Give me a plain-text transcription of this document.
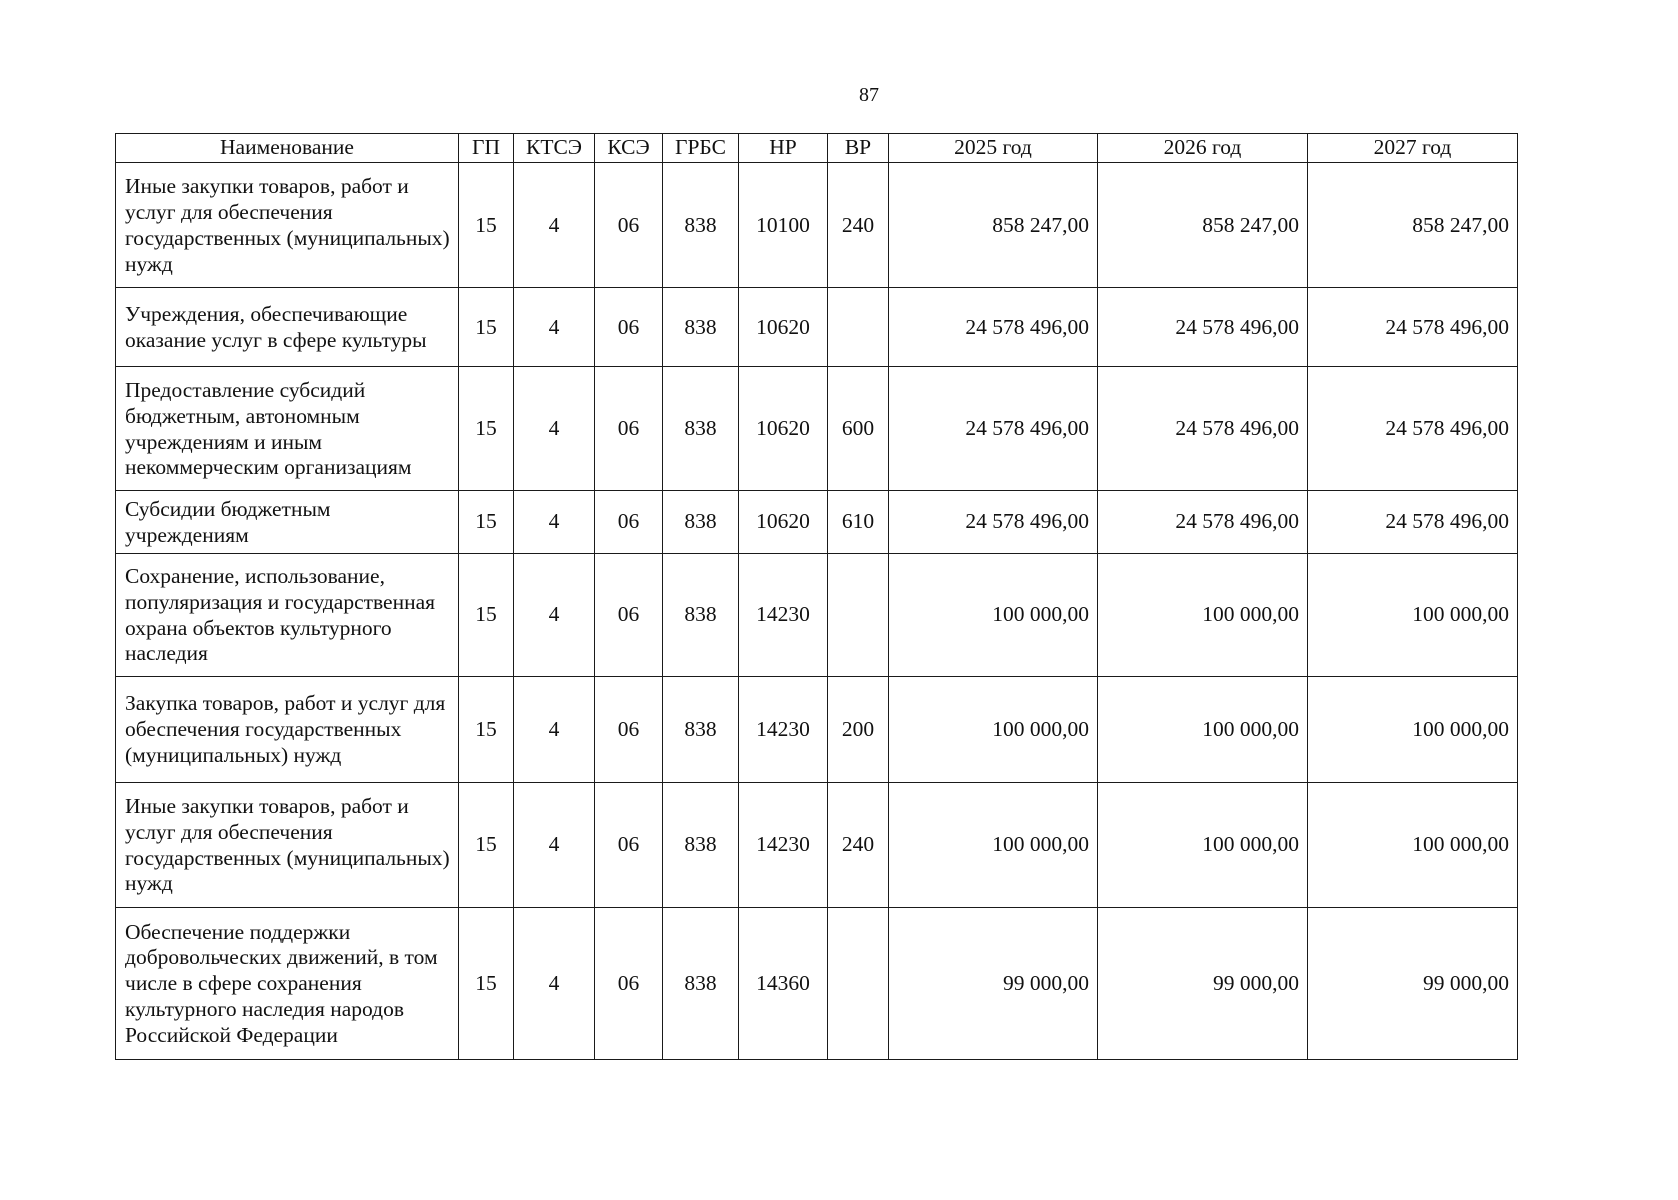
87
Наименование	ГП	КТСЭ	КСЭ	ГРБС	НР	ВР	2025 год	2026 год	2027 год
Иные закупки товаров, работ и услуг для обеспечения государственных (муниципальных) нужд	15	4	06	838	10100	240	858 247,00	858 247,00	858 247,00
Учреждения, обеспечивающие оказание услуг в сфере культуры	15	4	06	838	10620		24 578 496,00	24 578 496,00	24 578 496,00
Предоставление субсидий бюджетным, автономным учреждениям и иным некоммерческим организациям	15	4	06	838	10620	600	24 578 496,00	24 578 496,00	24 578 496,00
Субсидии бюджетным учреждениям	15	4	06	838	10620	610	24 578 496,00	24 578 496,00	24 578 496,00
Сохранение, использование, популяризация и государственная охрана объектов культурного наследия	15	4	06	838	14230		100 000,00	100 000,00	100 000,00
Закупка товаров, работ и услуг для обеспечения государственных (муниципальных) нужд	15	4	06	838	14230	200	100 000,00	100 000,00	100 000,00
Иные закупки товаров, работ и услуг для обеспечения государственных (муниципальных) нужд	15	4	06	838	14230	240	100 000,00	100 000,00	100 000,00
Обеспечение поддержки добровольческих движений, в том числе в сфере сохранения культурного наследия народов Российской Федерации	15	4	06	838	14360		99 000,00	99 000,00	99 000,00
